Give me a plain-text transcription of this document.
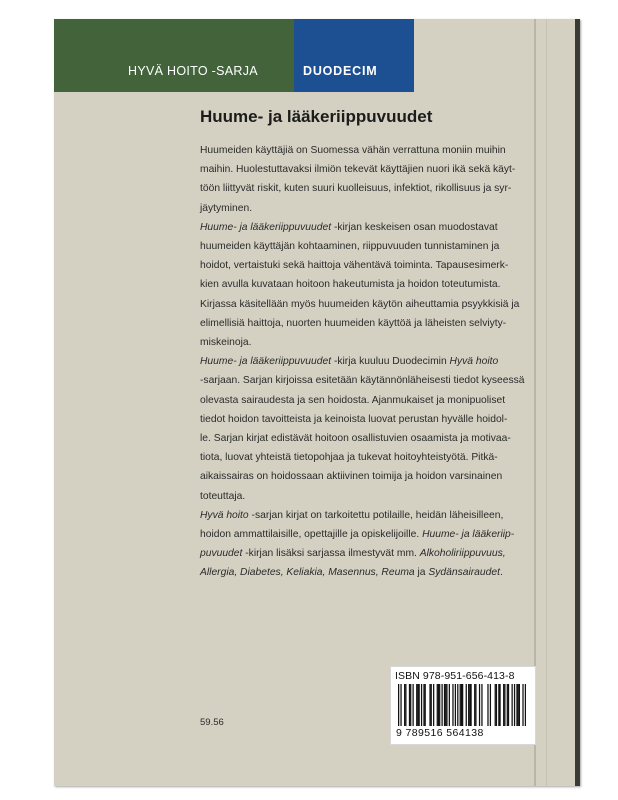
HYVÄ HOITO -SARJA	DUODECIM
Huume- ja lääkeriippuvuudet

Huumeiden käyttäjiä on Suomessa vähän verrattuna moniin muihin

maihin. Huolestuttavaksi ilmiön tekevät käyttäjien nuori ikä sekä käyt-

töön liittyvät riskit, kuten suuri kuolleisuus, infektiot, rikollisuus ja syr-

jäytyminen.

Huume- ja lääkeriippuvuudet -kirjan keskeisen osan muodostavat

huumeiden käyttäjän kohtaaminen, riippuvuuden tunnistaminen ja

hoidot, vertaistuki sekä haittoja vähentävä toiminta. Tapausesimerk-

kien avulla kuvataan hoitoon hakeutumista ja hoidon toteutumista.

Kirjassa käsitellään myös huumeiden käytön aiheuttamia psyykkisiä ja

elimellisiä haittoja, nuorten huumeiden käyttöä ja läheisten selviyty-

miskeinoja.

Huume- ja lääkeriippuvuudet -kirja kuuluu Duodecimin Hyvä hoito

-sarjaan. Sarjan kirjoissa esitetään käytännönläheisesti tiedot kyseessä

olevasta sairaudesta ja sen hoidosta. Ajanmukaiset ja monipuoliset

tiedot hoidon tavoitteista ja keinoista luovat perustan hyvälle hoidol-

le. Sarjan kirjat edistävät hoitoon osallistuvien osaamista ja motivaa-

tiota, luovat yhteistä tietopohjaa ja tukevat hoitoyhteistyötä. Pitkä-

aikaissairas on hoidossaan aktiivinen toimija ja hoidon varsinainen

toteuttaja.

Hyvä hoito -sarjan kirjat on tarkoitettu potilaille, heidän läheisilleen,

hoidon ammattilaisille, opettajille ja opiskelijoille. Huume- ja lääkeriip-

puvuudet -kirjan lisäksi sarjassa ilmestyvät mm. Alkoholiriippuvuus,

Allergia, Diabetes, Keliakia, Masennus, Reuma ja Sydänsairaudet.

59.56
ISBN 978-951-656-413-8
9 789516 564138
